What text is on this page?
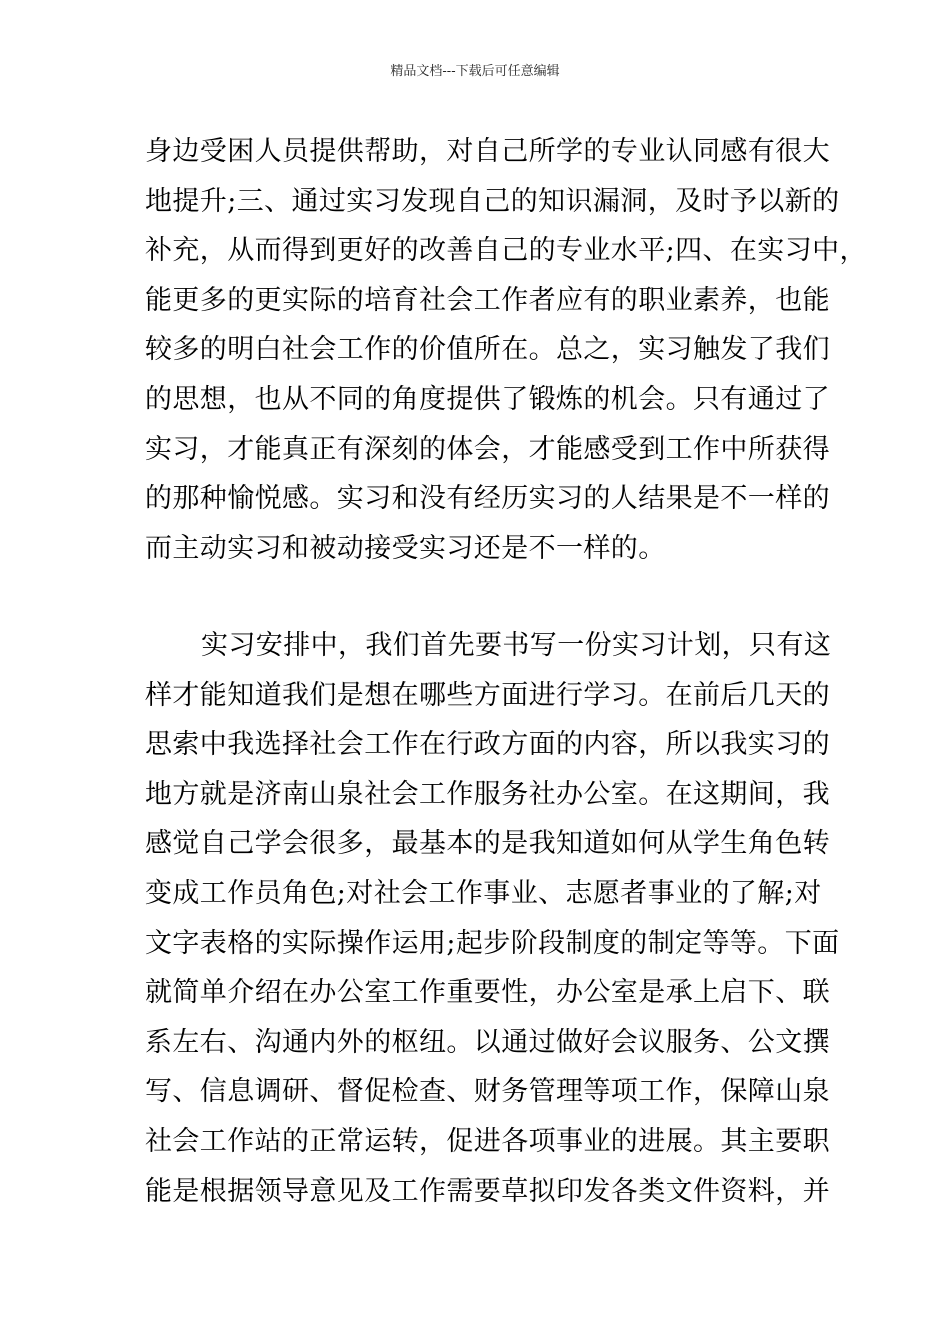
精品文档---下载后可任意编辑
身边受困人员提供帮助，对自己所学的专业认同感有很大
地提升;三、通过实习发现自己的知识漏洞，及时予以新的
补充，从而得到更好的改善自己的专业水平;四、在实习中，
能更多的更实际的培育社会工作者应有的职业素养，也能
较多的明白社会工作的价值所在。总之，实习触发了我们
的思想，也从不同的角度提供了锻炼的机会。只有通过了
实习，才能真正有深刻的体会，才能感受到工作中所获得
的那种愉悦感。实习和没有经历实习的人结果是不一样的
而主动实习和被动接受实习还是不一样的。
实习安排中，我们首先要书写一份实习计划，只有这
样才能知道我们是想在哪些方面进行学习。在前后几天的
思索中我选择社会工作在行政方面的内容，所以我实习的
地方就是济南山泉社会工作服务社办公室。在这期间，我
感觉自己学会很多，最基本的是我知道如何从学生角色转
变成工作员角色;对社会工作事业、志愿者事业的了解;对
文字表格的实际操作运用;起步阶段制度的制定等等。下面
就简单介绍在办公室工作重要性，办公室是承上启下、联
系左右、沟通内外的枢纽。以通过做好会议服务、公文撰
写、信息调研、督促检查、财务管理等项工作，保障山泉
社会工作站的正常运转，促进各项事业的进展。其主要职
能是根据领导意见及工作需要草拟印发各类文件资料，并
